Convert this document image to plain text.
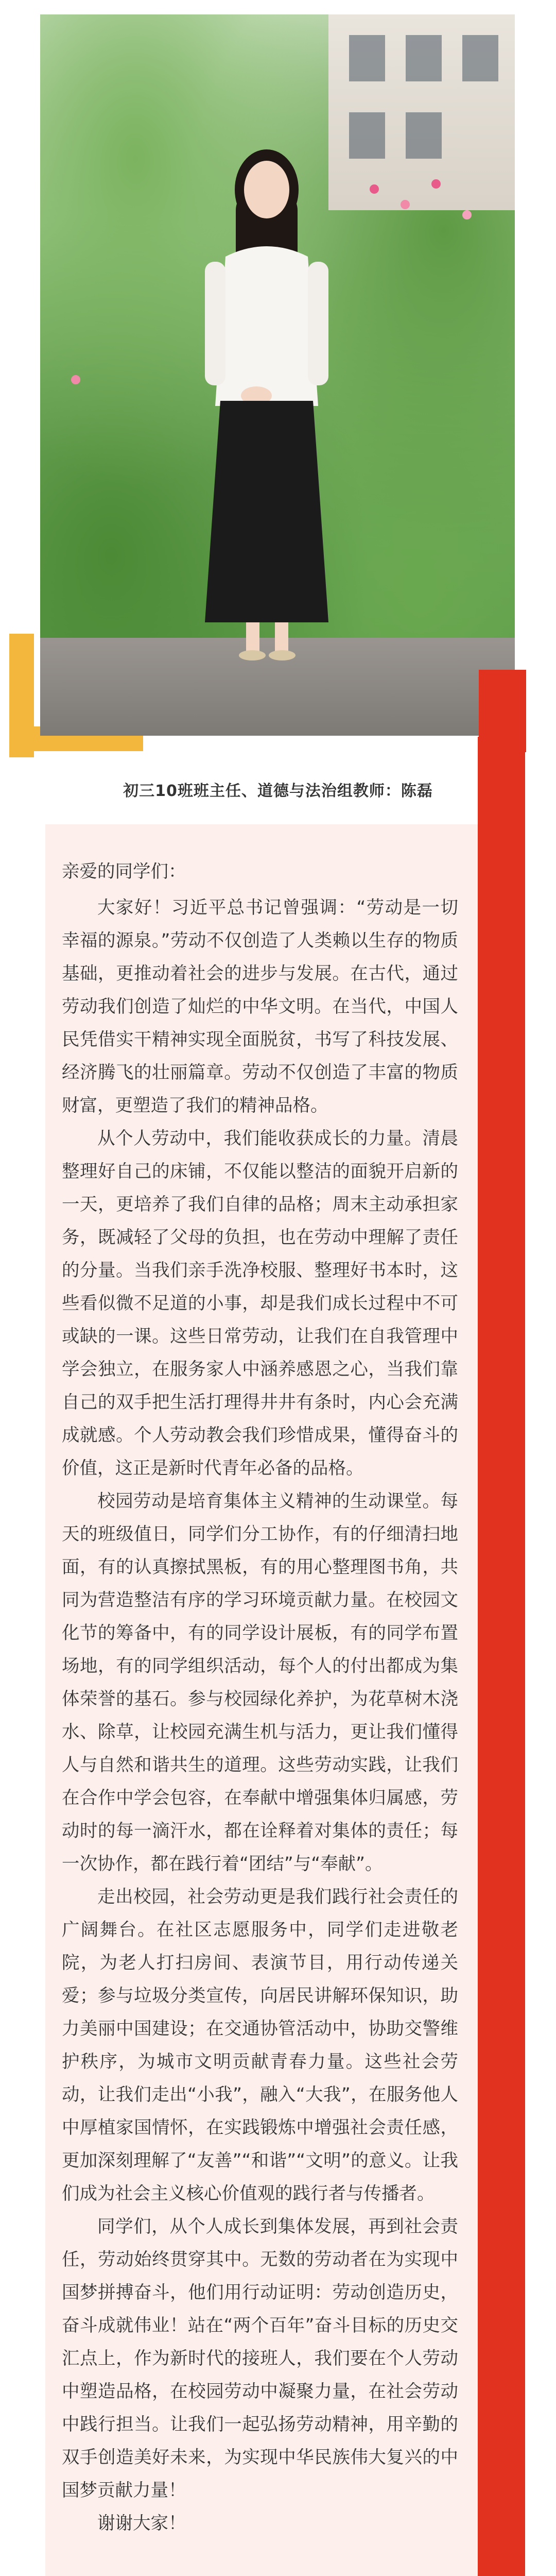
初三10班班主任、道德与法治组教师：陈磊

亲爱的同学们：

大家好！习近平总书记曾强调：“劳动是一切幸福的源泉。”劳动不仅创造了人类赖以生存的物质基础，更推动着社会的进步与发展。在古代，通过劳动我们创造了灿烂的中华文明。在当代，中国人民凭借实干精神实现全面脱贫，书写了科技发展、经济腾飞的壮丽篇章。劳动不仅创造了丰富的物质财富，更塑造了我们的精神品格。

从个人劳动中，我们能收获成长的力量。清晨整理好自己的床铺，不仅能以整洁的面貌开启新的一天，更培养了我们自律的品格；周末主动承担家务，既减轻了父母的负担，也在劳动中理解了责任的分量。当我们亲手洗净校服、整理好书本时，这些看似微不足道的小事，却是我们成长过程中不可或缺的一课。这些日常劳动，让我们在自我管理中学会独立，在服务家人中涵养感恩之心，当我们靠自己的双手把生活打理得井井有条时，内心会充满成就感。个人劳动教会我们珍惜成果，懂得奋斗的价值，这正是新时代青年必备的品格。

校园劳动是培育集体主义精神的生动课堂。每天的班级值日，同学们分工协作，有的仔细清扫地面，有的认真擦拭黑板，有的用心整理图书角，共同为营造整洁有序的学习环境贡献力量。在校园文化节的筹备中，有的同学设计展板，有的同学布置场地，有的同学组织活动，每个人的付出都成为集体荣誉的基石。参与校园绿化养护，为花草树木浇水、除草，让校园充满生机与活力，更让我们懂得人与自然和谐共生的道理。这些劳动实践，让我们在合作中学会包容，在奉献中增强集体归属感，劳动时的每一滴汗水，都在诠释着对集体的责任；每一次协作，都在践行着“团结”与“奉献”。

走出校园，社会劳动更是我们践行社会责任的广阔舞台。在社区志愿服务中，同学们走进敬老院，为老人打扫房间、表演节目，用行动传递关爱；参与垃圾分类宣传，向居民讲解环保知识，助力美丽中国建设；在交通协管活动中，协助交警维护秩序，为城市文明贡献青春力量。这些社会劳动，让我们走出“小我”，融入“大我”，在服务他人中厚植家国情怀，在实践锻炼中增强社会责任感，更加深刻理解了“友善”“和谐”“文明”的意义。让我们成为社会主义核心价值观的践行者与传播者。

同学们，从个人成长到集体发展，再到社会责任，劳动始终贯穿其中。无数的劳动者在为实现中国梦拼搏奋斗，他们用行动证明：劳动创造历史，奋斗成就伟业！站在“两个百年”奋斗目标的历史交汇点上，作为新时代的接班人，我们要在个人劳动中塑造品格，在校园劳动中凝聚力量，在社会劳动中践行担当。让我们一起弘扬劳动精神，用辛勤的双手创造美好未来，为实现中华民族伟大复兴的中国梦贡献力量！

谢谢大家！
